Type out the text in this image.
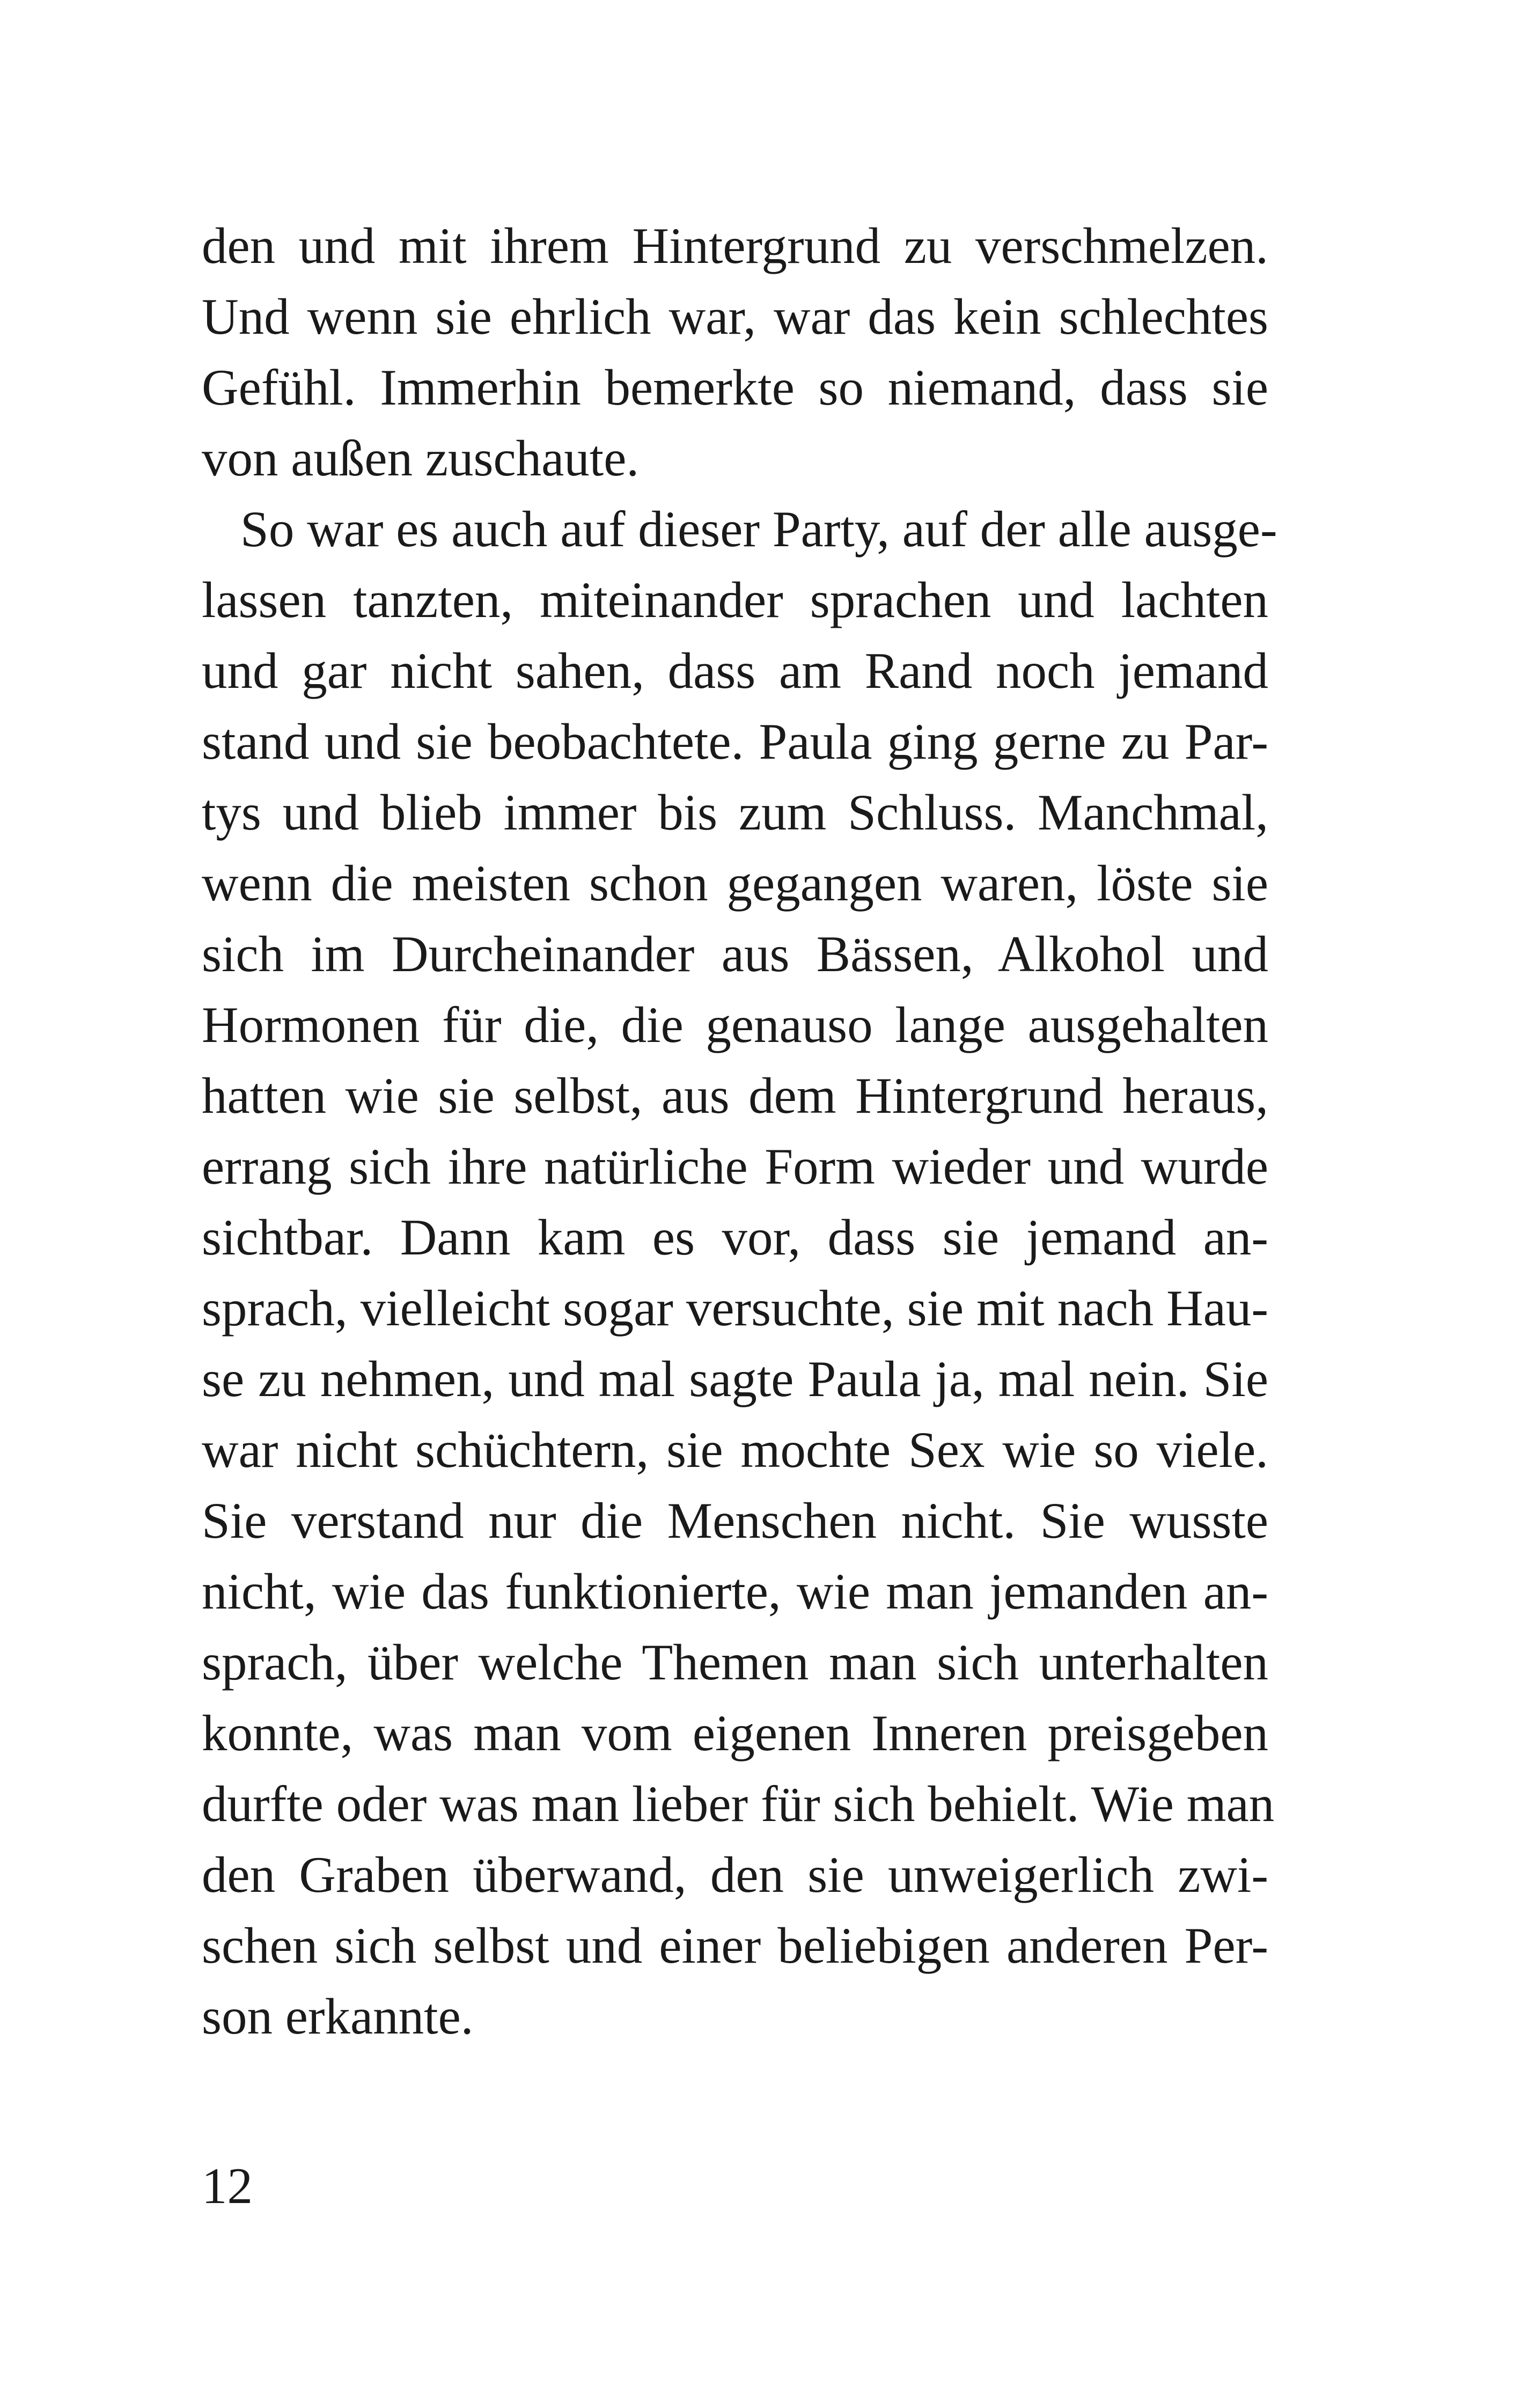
den und mit ihrem Hintergrund zu verschmelzen.
Und wenn sie ehrlich war, war das kein schlechtes
Gefühl. Immerhin bemerkte so niemand, dass sie
von außen zuschaute.
So war es auch auf dieser Party, auf der alle ausge-
lassen tanzten, miteinander sprachen und lachten
und gar nicht sahen, dass am Rand noch jemand
stand und sie beobachtete. Paula ging gerne zu Par-
tys und blieb immer bis zum Schluss. Manchmal,
wenn die meisten schon gegangen waren, löste sie
sich im Durcheinander aus Bässen, Alkohol und
Hormonen für die, die genauso lange ausgehalten
hatten wie sie selbst, aus dem Hintergrund heraus,
errang sich ihre natürliche Form wieder und wurde
sichtbar. Dann kam es vor, dass sie jemand an-
sprach, vielleicht sogar versuchte, sie mit nach Hau-
se zu nehmen, und mal sagte Paula ja, mal nein. Sie
war nicht schüchtern, sie mochte Sex wie so viele.
Sie verstand nur die Menschen nicht. Sie wusste
nicht, wie das funktionierte, wie man jemanden an-
sprach, über welche Themen man sich unterhalten
konnte, was man vom eigenen Inneren preisgeben
durfte oder was man lieber für sich behielt. Wie man
den Graben überwand, den sie unweigerlich zwi-
schen sich selbst und einer beliebigen anderen Per-
son erkannte.
12
